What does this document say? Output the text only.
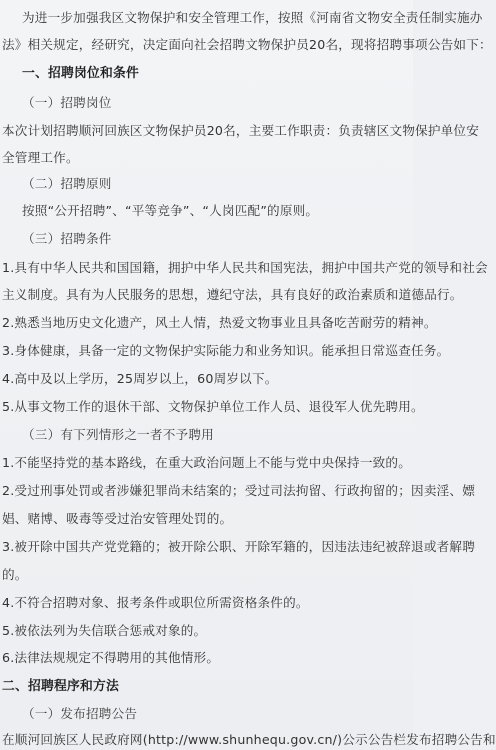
为进一步加强我区文物保护和安全管理工作，按照《河南省文物安全责任制实施办
法》相关规定，经研究，决定面向社会招聘文物保护员20名，现将招聘事项公告如下：
一、招聘岗位和条件
（一）招聘岗位
本次计划招聘顺河回族区文物保护员20名，主要工作职责：负责辖区文物保护单位安
全管理工作。
（二）招聘原则
按照“公开招聘”、“平等竞争”、“人岗匹配”的原则。
（三）招聘条件
1.具有中华人民共和国国籍，拥护中华人民共和国宪法，拥护中国共产党的领导和社会
主义制度。具有为人民服务的思想，遵纪守法，具有良好的政治素质和道德品行。
2.熟悉当地历史文化遗产，风土人情，热爱文物事业且具备吃苦耐劳的精神。
3.身体健康，具备一定的文物保护实际能力和业务知识。能承担日常巡查任务。
4.高中及以上学历，25周岁以上，60周岁以下。
5.从事文物工作的退休干部、文物保护单位工作人员、退役军人优先聘用。
（三）有下列情形之一者不予聘用
1.不能坚持党的基本路线，在重大政治问题上不能与党中央保持一致的。
2.受过刑事处罚或者涉嫌犯罪尚未结案的；受过司法拘留、行政拘留的；因卖淫、嫖
娼、赌博、吸毒等受过治安管理处罚的。
3.被开除中国共产党党籍的；被开除公职、开除军籍的，因违法违纪被辞退或者解聘
的。
4.不符合招聘对象、报考条件或职位所需资格条件的。
5.被依法列为失信联合惩戒对象的。
6.法律法规规定不得聘用的其他情形。
二、招聘程序和方法
（一）发布招聘公告
在顺河回族区人民政府网(http://www.shunhequ.gov.cn/)公示公告栏发布招聘公告和
